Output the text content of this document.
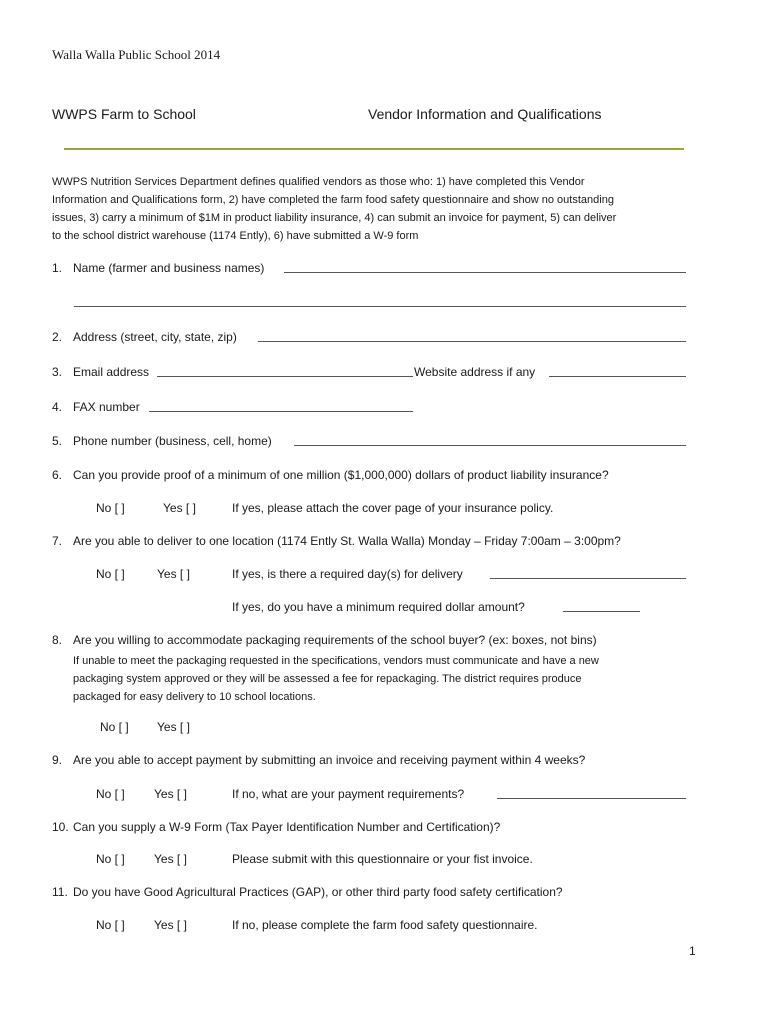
Walla Walla Public School 2014
WWPS Farm to School	Vendor Information and Qualifications
WWPS Nutrition Services Department defines qualified vendors as those who: 1) have completed this Vendor
Information and Qualifications form, 2) have completed the farm food safety questionnaire and show no outstanding
issues, 3) carry a minimum of $1M in product liability insurance, 4) can submit an invoice for payment, 5) can deliver
to the school district warehouse (1174 Ently), 6) have submitted a W-9 form
1. Name (farmer and business names)
2. Address (street, city, state, zip)
3. Email address	Website address if any
4. FAX number
5. Phone number (business, cell, home)
6. Can you provide proof of a minimum of one million ($1,000,000) dollars of product liability insurance?
No [ ]	Yes [ ]	If yes, please attach the cover page of your insurance policy.
7. Are you able to deliver to one location (1174 Ently St. Walla Walla) Monday – Friday 7:00am – 3:00pm?
No [ ]	Yes [ ]	If yes, is there a required day(s) for delivery
If yes, do you have a minimum required dollar amount?
8. Are you willing to accommodate packaging requirements of the school buyer? (ex: boxes, not bins)
If unable to meet the packaging requested in the specifications, vendors must communicate and have a new
packaging system approved or they will be assessed a fee for repackaging. The district requires produce
packaged for easy delivery to 10 school locations.
No [ ] Yes [ ]
9. Are you able to accept payment by submitting an invoice and receiving payment within 4 weeks?
No [ ] Yes [ ]	If no, what are your payment requirements?
10. Can you supply a W-9 Form (Tax Payer Identification Number and Certification)?
No [ ] Yes [ ]	Please submit with this questionnaire or your fist invoice.
11. Do you have Good Agricultural Practices (GAP), or other third party food safety certification?
No [ ] Yes [ ]	If no, please complete the farm food safety questionnaire.
1
